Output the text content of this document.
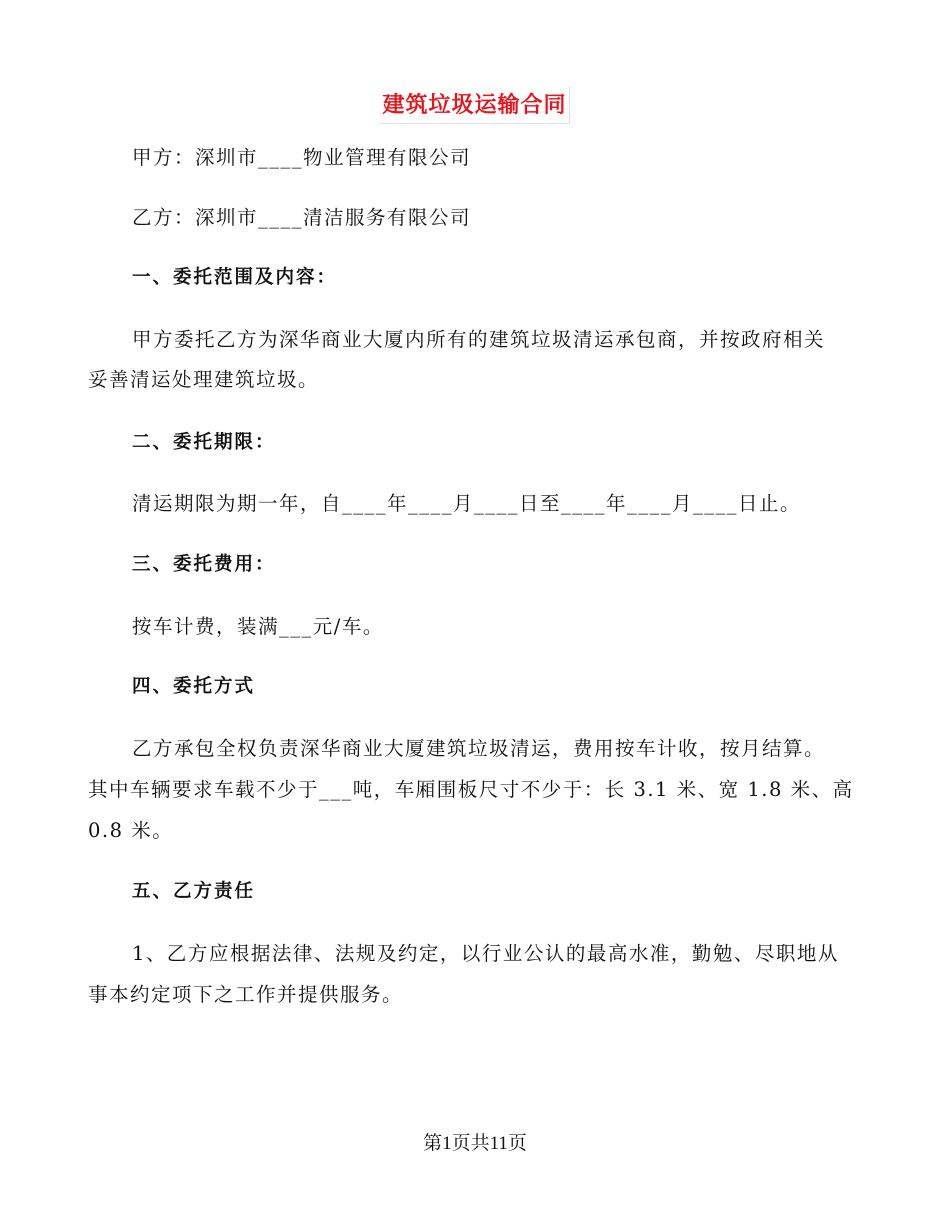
建筑垃圾运输合同
甲方：深圳市____物业管理有限公司
乙方：深圳市____清洁服务有限公司
一、委托范围及内容：
甲方委托乙方为深华商业大厦内所有的建筑垃圾清运承包商，并按政府相关
妥善清运处理建筑垃圾。
二、委托期限：
清运期限为期一年，自____年____月____日至____年____月____日止。
三、委托费用：
按车计费，装满___元/车。
四、委托方式
乙方承包全权负责深华商业大厦建筑垃圾清运，费用按车计收，按月结算。
其中车辆要求车载不少于___吨，车厢围板尺寸不少于：长 3.1 米、宽 1.8 米、高
0.8 米。
五、乙方责任
1、乙方应根据法律、法规及约定，以行业公认的最高水准，勤勉、尽职地从
事本约定项下之工作并提供服务。
第1页共11页
